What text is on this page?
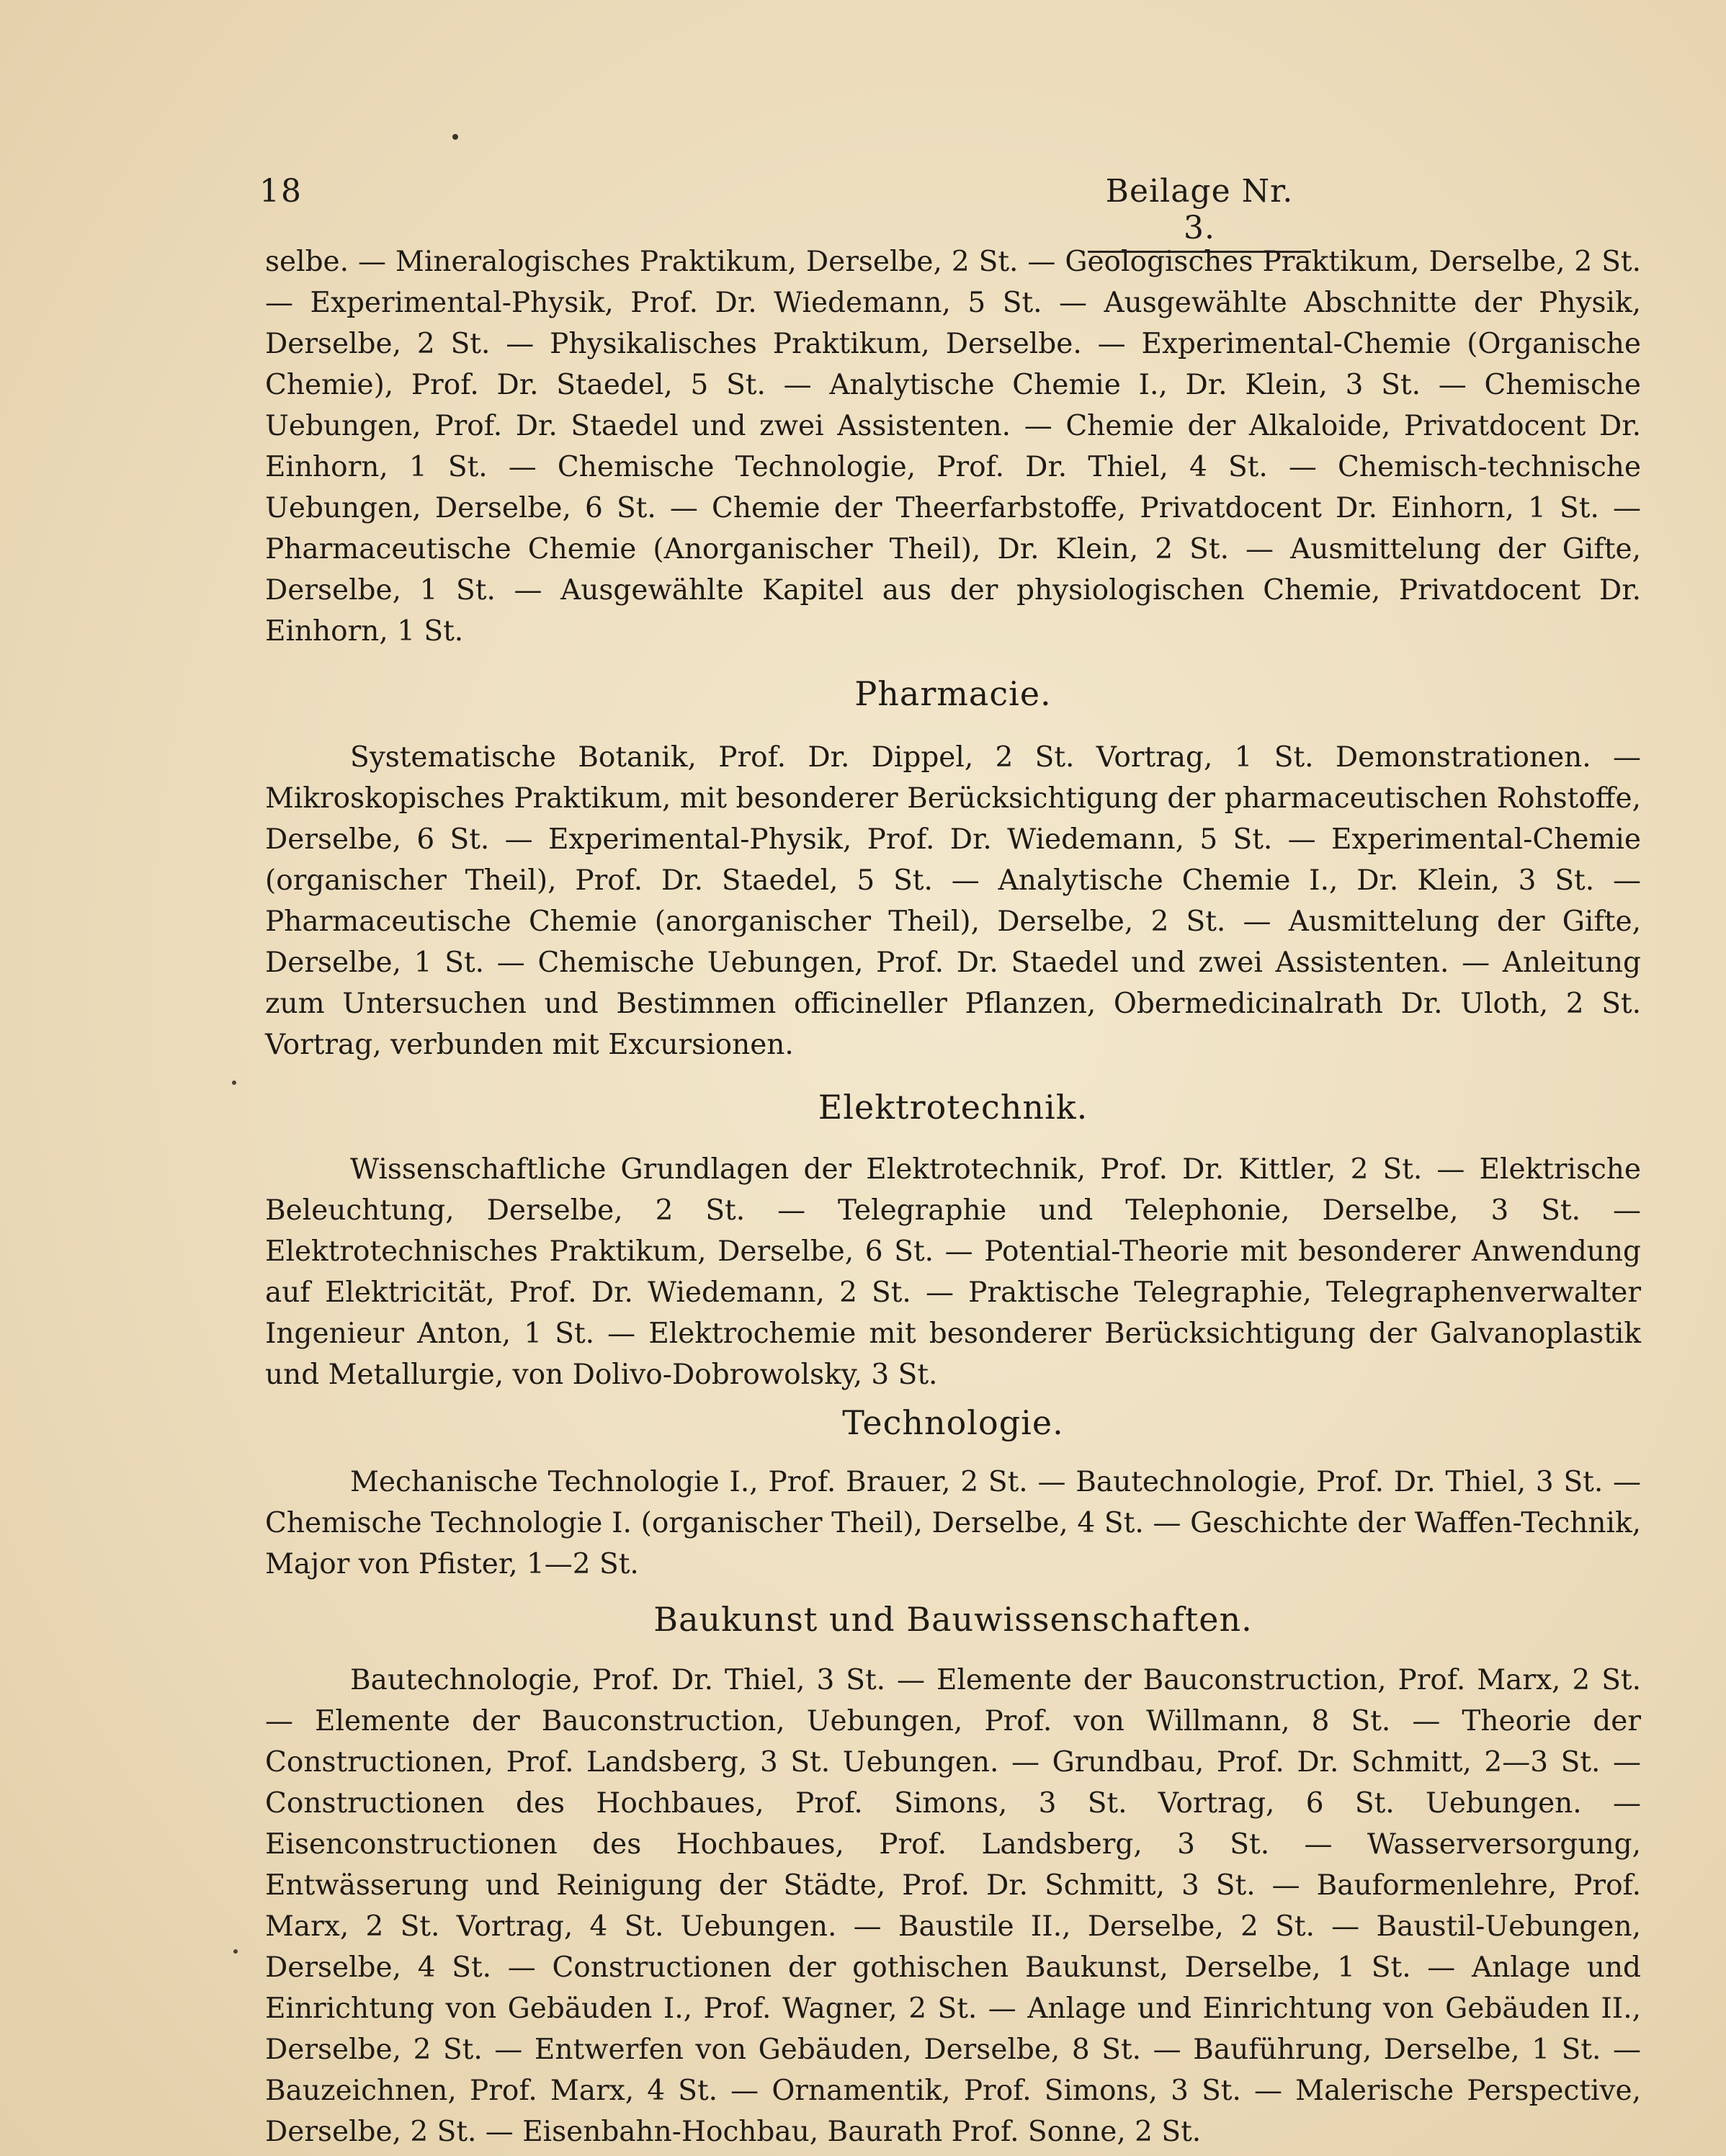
18	Beilage Nr. 3.

selbe. — Mineralogisches Praktikum, Derselbe, 2 St. — Geologisches Praktikum, Derselbe, 2 St. — Experimental-Physik, Prof. Dr. Wiedemann, 5 St. — Ausgewählte Abschnitte der Physik, Derselbe, 2 St. — Physikalisches Praktikum, Derselbe. — Experimental-Chemie (Organische Chemie), Prof. Dr. Staedel, 5 St. — Analytische Chemie I., Dr. Klein, 3 St. — Chemische Uebungen, Prof. Dr. Staedel und zwei Assistenten. — Chemie der Alkaloide, Privatdocent Dr. Einhorn, 1 St. — Chemische Technologie, Prof. Dr. Thiel, 4 St. — Chemisch-technische Uebungen, Derselbe, 6 St. — Chemie der Theerfarbstoffe, Privatdocent Dr. Einhorn, 1 St. — Pharmaceutische Chemie (Anorganischer Theil), Dr. Klein, 2 St. — Ausmittelung der Gifte, Derselbe, 1 St. — Ausgewählte Kapitel aus der physiologischen Chemie, Privatdocent Dr. Einhorn, 1 St.

Pharmacie.

Systematische Botanik, Prof. Dr. Dippel, 2 St. Vortrag, 1 St. Demonstrationen. — Mikroskopisches Praktikum, mit besonderer Berücksichtigung der pharmaceutischen Rohstoffe, Derselbe, 6 St. — Experimental-Physik, Prof. Dr. Wiedemann, 5 St. — Experimental-Chemie (organischer Theil), Prof. Dr. Staedel, 5 St. — Analytische Chemie I., Dr. Klein, 3 St. — Pharmaceutische Chemie (anorganischer Theil), Derselbe, 2 St. — Ausmittelung der Gifte, Derselbe, 1 St. — Chemische Uebungen, Prof. Dr. Staedel und zwei Assistenten. — Anleitung zum Untersuchen und Bestimmen officineller Pflanzen, Obermedicinalrath Dr. Uloth, 2 St. Vortrag, verbunden mit Excursionen.

Elektrotechnik.

Wissenschaftliche Grundlagen der Elektrotechnik, Prof. Dr. Kittler, 2 St. — Elektrische Beleuchtung, Derselbe, 2 St. — Telegraphie und Telephonie, Derselbe, 3 St. — Elektrotechnisches Praktikum, Derselbe, 6 St. — Potential-Theorie mit besonderer Anwendung auf Elektricität, Prof. Dr. Wiedemann, 2 St. — Praktische Telegraphie, Telegraphenverwalter Ingenieur Anton, 1 St. — Elektrochemie mit besonderer Berücksichtigung der Galvanoplastik und Metallurgie, von Dolivo-Dobrowolsky, 3 St.

Technologie.

Mechanische Technologie I., Prof. Brauer, 2 St. — Bautechnologie, Prof. Dr. Thiel, 3 St. — Chemische Technologie I. (organischer Theil), Derselbe, 4 St. — Geschichte der Waffen-Technik, Major von Pfister, 1—2 St.

Baukunst und Bauwissenschaften.

Bautechnologie, Prof. Dr. Thiel, 3 St. — Elemente der Bauconstruction, Prof. Marx, 2 St. — Elemente der Bauconstruction, Uebungen, Prof. von Willmann, 8 St. — Theorie der Constructionen, Prof. Landsberg, 3 St. Uebungen. — Grundbau, Prof. Dr. Schmitt, 2—3 St. — Constructionen des Hochbaues, Prof. Simons, 3 St. Vortrag, 6 St. Uebungen. — Eisenconstructionen des Hochbaues, Prof. Landsberg, 3 St. — Wasserversorgung, Entwässerung und Reinigung der Städte, Prof. Dr. Schmitt, 3 St. — Bauformenlehre, Prof. Marx, 2 St. Vortrag, 4 St. Uebungen. — Baustile II., Derselbe, 2 St. — Baustil-Uebungen, Derselbe, 4 St. — Constructionen der gothischen Baukunst, Derselbe, 1 St. — Anlage und Einrichtung von Gebäuden I., Prof. Wagner, 2 St. — Anlage und Einrichtung von Gebäuden II., Derselbe, 2 St. — Entwerfen von Gebäuden, Derselbe, 8 St. — Bauführung, Derselbe, 1 St. — Bauzeichnen, Prof. Marx, 4 St. — Ornamentik, Prof. Simons, 3 St. — Malerische Perspective, Derselbe, 2 St. — Eisenbahn-Hochbau, Baurath Prof. Sonne, 2 St.
